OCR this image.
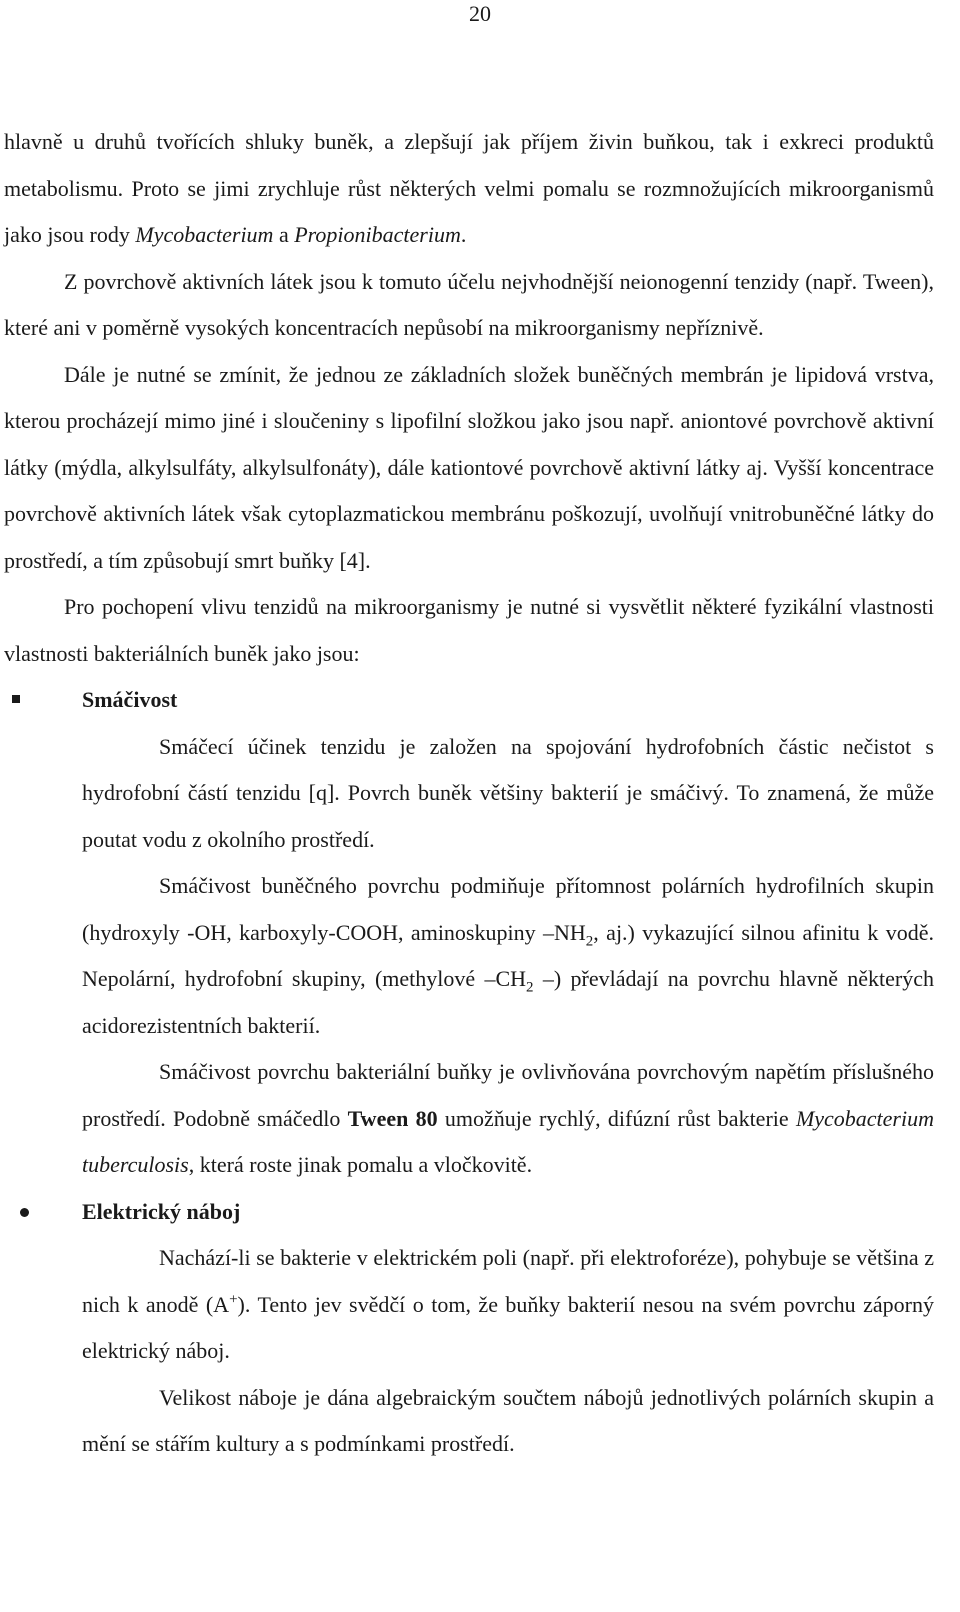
20

hlavně u druhů tvořících shluky buněk, a zlepšují jak příjem živin buňkou, tak i exkreci produktů metabolismu. Proto se jimi zrychluje růst některých velmi pomalu se rozmnožujících mikroorganismů jako jsou rody Mycobacterium a Propionibacterium.

Z povrchově aktivních látek jsou k tomuto účelu nejvhodnější neionogenní tenzidy (např. Tween), které ani v poměrně vysokých koncentracích nepůsobí na mikroorganismy nepříznivě.

Dále je nutné se zmínit, že jednou ze základních složek buněčných membrán je lipidová vrstva, kterou procházejí mimo jiné i sloučeniny s lipofilní složkou jako jsou např. aniontové povrchově aktivní látky (mýdla, alkylsulfáty, alkylsulfonáty), dále kationtové povrchově aktivní látky aj. Vyšší koncentrace povrchově aktivních látek však cytoplazmatickou membránu poškozují, uvolňují vnitrobuněčné látky do prostředí, a tím způsobují smrt buňky [4].

Pro pochopení vlivu tenzidů na mikroorganismy je nutné si vysvětlit některé fyzikální vlastnosti vlastnosti bakteriálních buněk jako jsou:

Smáčivost

Smáčecí účinek tenzidu je založen na spojování hydrofobních částic nečistot s hydrofobní částí tenzidu [q]. Povrch buněk většiny bakterií je smáčivý. To znamená, že může poutat vodu z okolního prostředí.

Smáčivost buněčného povrchu podmiňuje přítomnost polárních hydrofilních skupin (hydroxyly -OH, karboxyly-COOH, aminoskupiny $-NH_2$, aj.) vykazující silnou afinitu k vodě. Nepolární, hydrofobní skupiny, (methylové $-CH_2$ –) převládají na povrchu hlavně některých acidorezistentních bakterií.

Smáčivost povrchu bakteriální buňky je ovlivňována povrchovým napětím příslušného prostředí. Podobně smáčedlo Tween 80 umožňuje rychlý, difúzní růst bakterie Mycobacterium tuberculosis, která roste jinak pomalu a vločkovitě.

Elektrický náboj

Nachází-li se bakterie v elektrickém poli (např. při elektroforéze), pohybuje se většina z nich k anodě (A+). Tento jev svědčí o tom, že buňky bakterií nesou na svém povrchu záporný elektrický náboj.

Velikost náboje je dána algebraickým součtem nábojů jednotlivých polárních skupin a mění se stářím kultury a s podmínkami prostředí.
